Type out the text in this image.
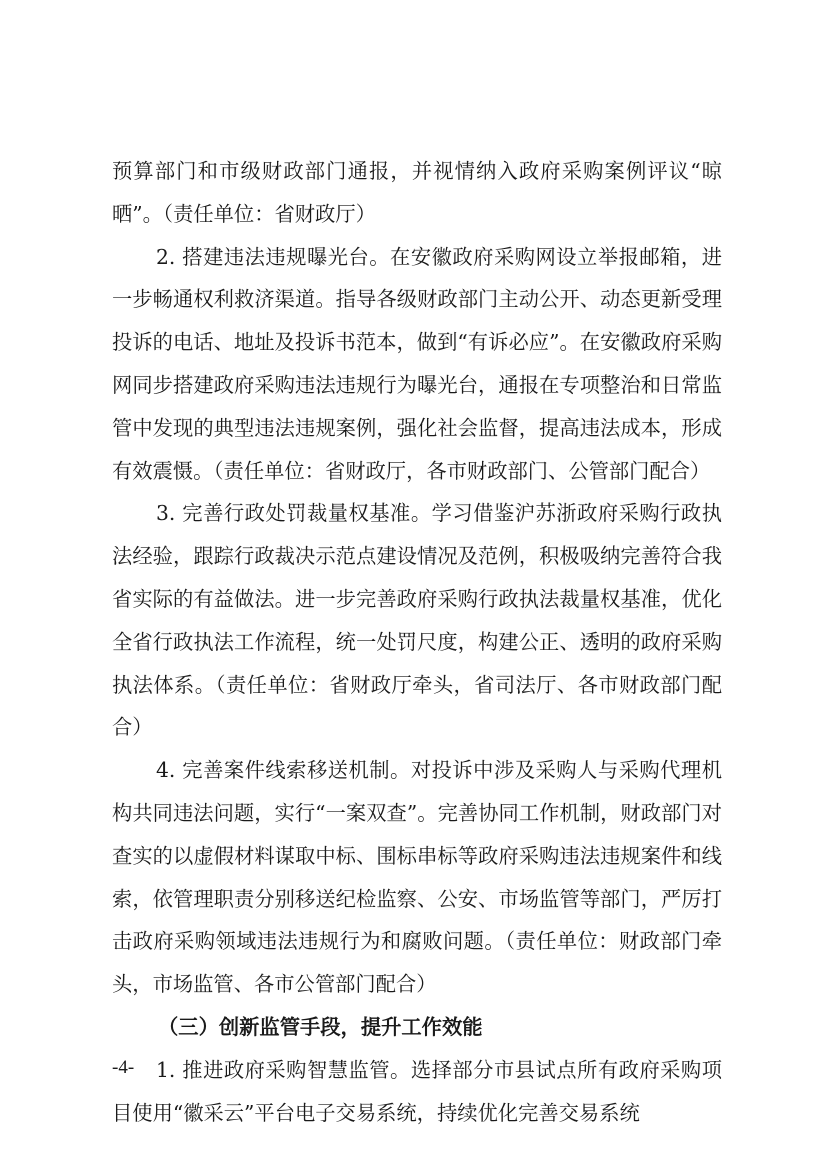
预算部门和市级财政部门通报，并视情纳入政府采购案例评议“晾晒”。（责任单位：省财政厅）

2. 搭建违法违规曝光台。在安徽政府采购网设立举报邮箱，进一步畅通权利救济渠道。指导各级财政部门主动公开、动态更新受理投诉的电话、地址及投诉书范本，做到“有诉必应”。在安徽政府采购网同步搭建政府采购违法违规行为曝光台，通报在专项整治和日常监管中发现的典型违法违规案例，强化社会监督，提高违法成本，形成有效震慑。（责任单位：省财政厅，各市财政部门、公管部门配合）

3. 完善行政处罚裁量权基准。学习借鉴沪苏浙政府采购行政执法经验，跟踪行政裁决示范点建设情况及范例，积极吸纳完善符合我省实际的有益做法。进一步完善政府采购行政执法裁量权基准，优化全省行政执法工作流程，统一处罚尺度，构建公正、透明的政府采购执法体系。（责任单位：省财政厅牵头，省司法厅、各市财政部门配合）

4. 完善案件线索移送机制。对投诉中涉及采购人与采购代理机构共同违法问题，实行“一案双查”。完善协同工作机制，财政部门对查实的以虚假材料谋取中标、围标串标等政府采购违法违规案件和线索，依管理职责分别移送纪检监察、公安、市场监管等部门，严厉打击政府采购领域违法违规行为和腐败问题。（责任单位：财政部门牵头，市场监管、各市公管部门配合）

（三）创新监管手段，提升工作效能

1. 推进政府采购智慧监管。选择部分市县试点所有政府采购项目使用“徽采云”平台电子交易系统，持续优化完善交易系统

-4-
